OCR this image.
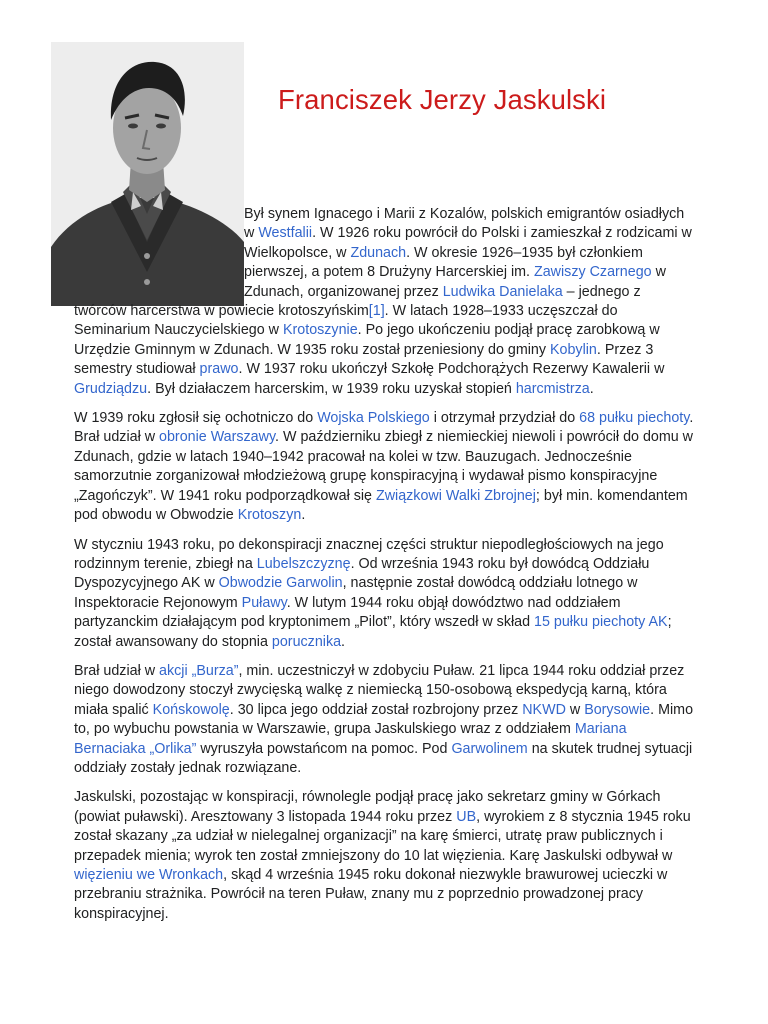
Franciszek Jerzy Jaskulski

Był synem Ignacego i Marii z Kozalów, polskich emigrantów osiadłych w Westfalii. W 1926 roku powrócił do Polski i zamieszkał z rodzicami w Wielkopolsce, w Zdunach. W okresie 1926–1935 był członkiem pierwszej, a potem 8 Drużyny Harcerskiej im. Zawiszy Czarnego w Zdunach, organizowanej przez Ludwika Danielaka – jednego z twórców harcerstwa w powiecie krotoszyńskim[1]. W latach 1928–1933 uczęszczał do Seminarium Nauczycielskiego w Krotoszynie. Po jego ukończeniu podjął pracę zarobkową w Urzędzie Gminnym w Zdunach. W 1935 roku został przeniesiony do gminy Kobylin. Przez 3 semestry studiował prawo. W 1937 roku ukończył Szkołę Podchorążych Rezerwy Kawalerii w Grudziądzu. Był działaczem harcerskim, w 1939 roku uzyskał stopień harcmistrza.

W 1939 roku zgłosił się ochotniczo do Wojska Polskiego i otrzymał przydział do 68 pułku piechoty. Brał udział w obronie Warszawy. W październiku zbiegł z niemieckiej niewoli i powrócił do domu w Zdunach, gdzie w latach 1940–1942 pracował na kolei w tzw. Bauzugach. Jednocześnie samorzutnie zorganizował młodzieżową grupę konspiracyjną i wydawał pismo konspiracyjne „Zagończyk”. W 1941 roku podporządkował się Związkowi Walki Zbrojnej; był min. komendantem pod obwodu w Obwodzie Krotoszyn.

W styczniu 1943 roku, po dekonspiracji znacznej części struktur niepodległościowych na jego rodzinnym terenie, zbiegł na Lubelszczyznę. Od września 1943 roku był dowódcą Oddziału Dyspozycyjnego AK w Obwodzie Garwolin, następnie został dowódcą oddziału lotnego w Inspektoracie Rejonowym Puławy. W lutym 1944 roku objął dowództwo nad oddziałem partyzanckim działającym pod kryptonimem „Pilot”, który wszedł w skład 15 pułku piechoty AK; został awansowany do stopnia porucznika.

Brał udział w akcji „Burza”, min. uczestniczył w zdobyciu Puław. 21 lipca 1944 roku oddział przez niego dowodzony stoczył zwycięską walkę z niemiecką 150-osobową ekspedycją karną, która miała spalić Końskowolę. 30 lipca jego oddział został rozbrojony przez NKWD w Borysowie. Mimo to, po wybuchu powstania w Warszawie, grupa Jaskulskiego wraz z oddziałem Mariana Bernaciaka „Orlika” wyruszyła powstańcom na pomoc. Pod Garwolinem na skutek trudnej sytuacji oddziały zostały jednak rozwiązane.

Jaskulski, pozostając w konspiracji, równolegle podjął pracę jako sekretarz gminy w Górkach (powiat puławski). Aresztowany 3 listopada 1944 roku przez UB, wyrokiem z 8 stycznia 1945 roku został skazany „za udział w nielegalnej organizacji” na karę śmierci, utratę praw publicznych i przepadek mienia; wyrok ten został zmniejszony do 10 lat więzienia. Karę Jaskulski odbywał w więzieniu we Wronkach, skąd 4 września 1945 roku dokonał niezwykle brawurowej ucieczki w przebraniu strażnika. Powrócił na teren Puław, znany mu z poprzednio prowadzonej pracy konspiracyjnej.
